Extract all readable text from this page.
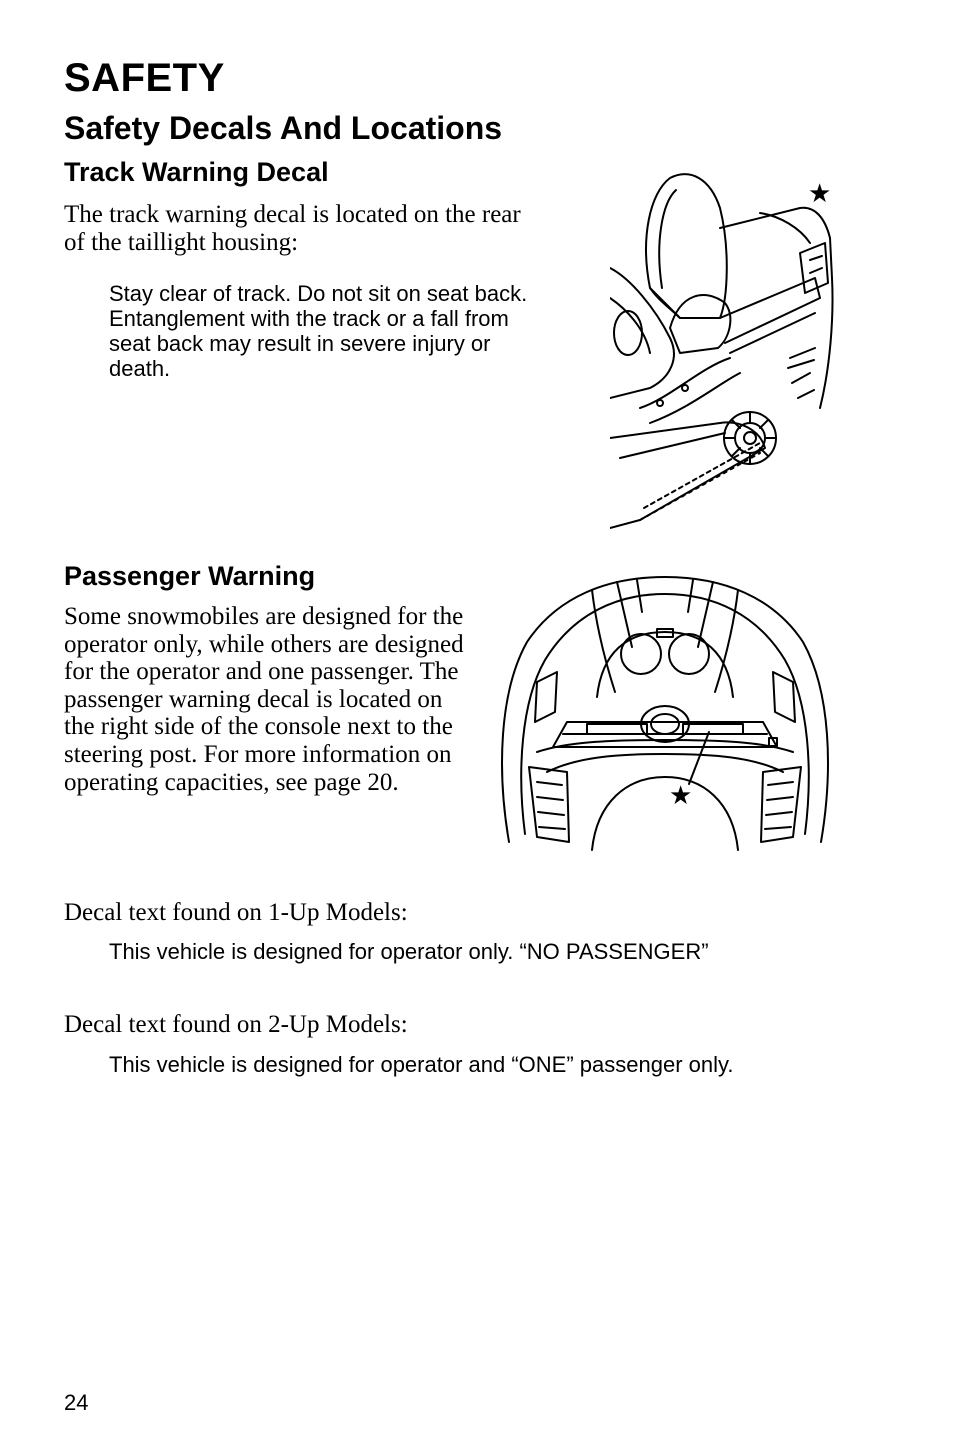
SAFETY
Safety Decals And Locations
Track Warning Decal
The track warning decal is located on the rear of the taillight housing:
Stay clear of track. Do not sit on seat back. Entanglement with the track or a fall from seat back may result in severe injury or death.
★
Passenger Warning
Some snowmobiles are designed for the operator only, while others are designed for the operator and one passenger. The passenger warning decal is located on the right side of the console next to the steering post. For more information on operating capacities, see page 20.	★
Decal text found on 1-Up Models:
This vehicle is designed for operator only. “NO PASSENGER”
Decal text found on 2-Up Models:
This vehicle is designed for operator and “ONE” passenger only.
24
